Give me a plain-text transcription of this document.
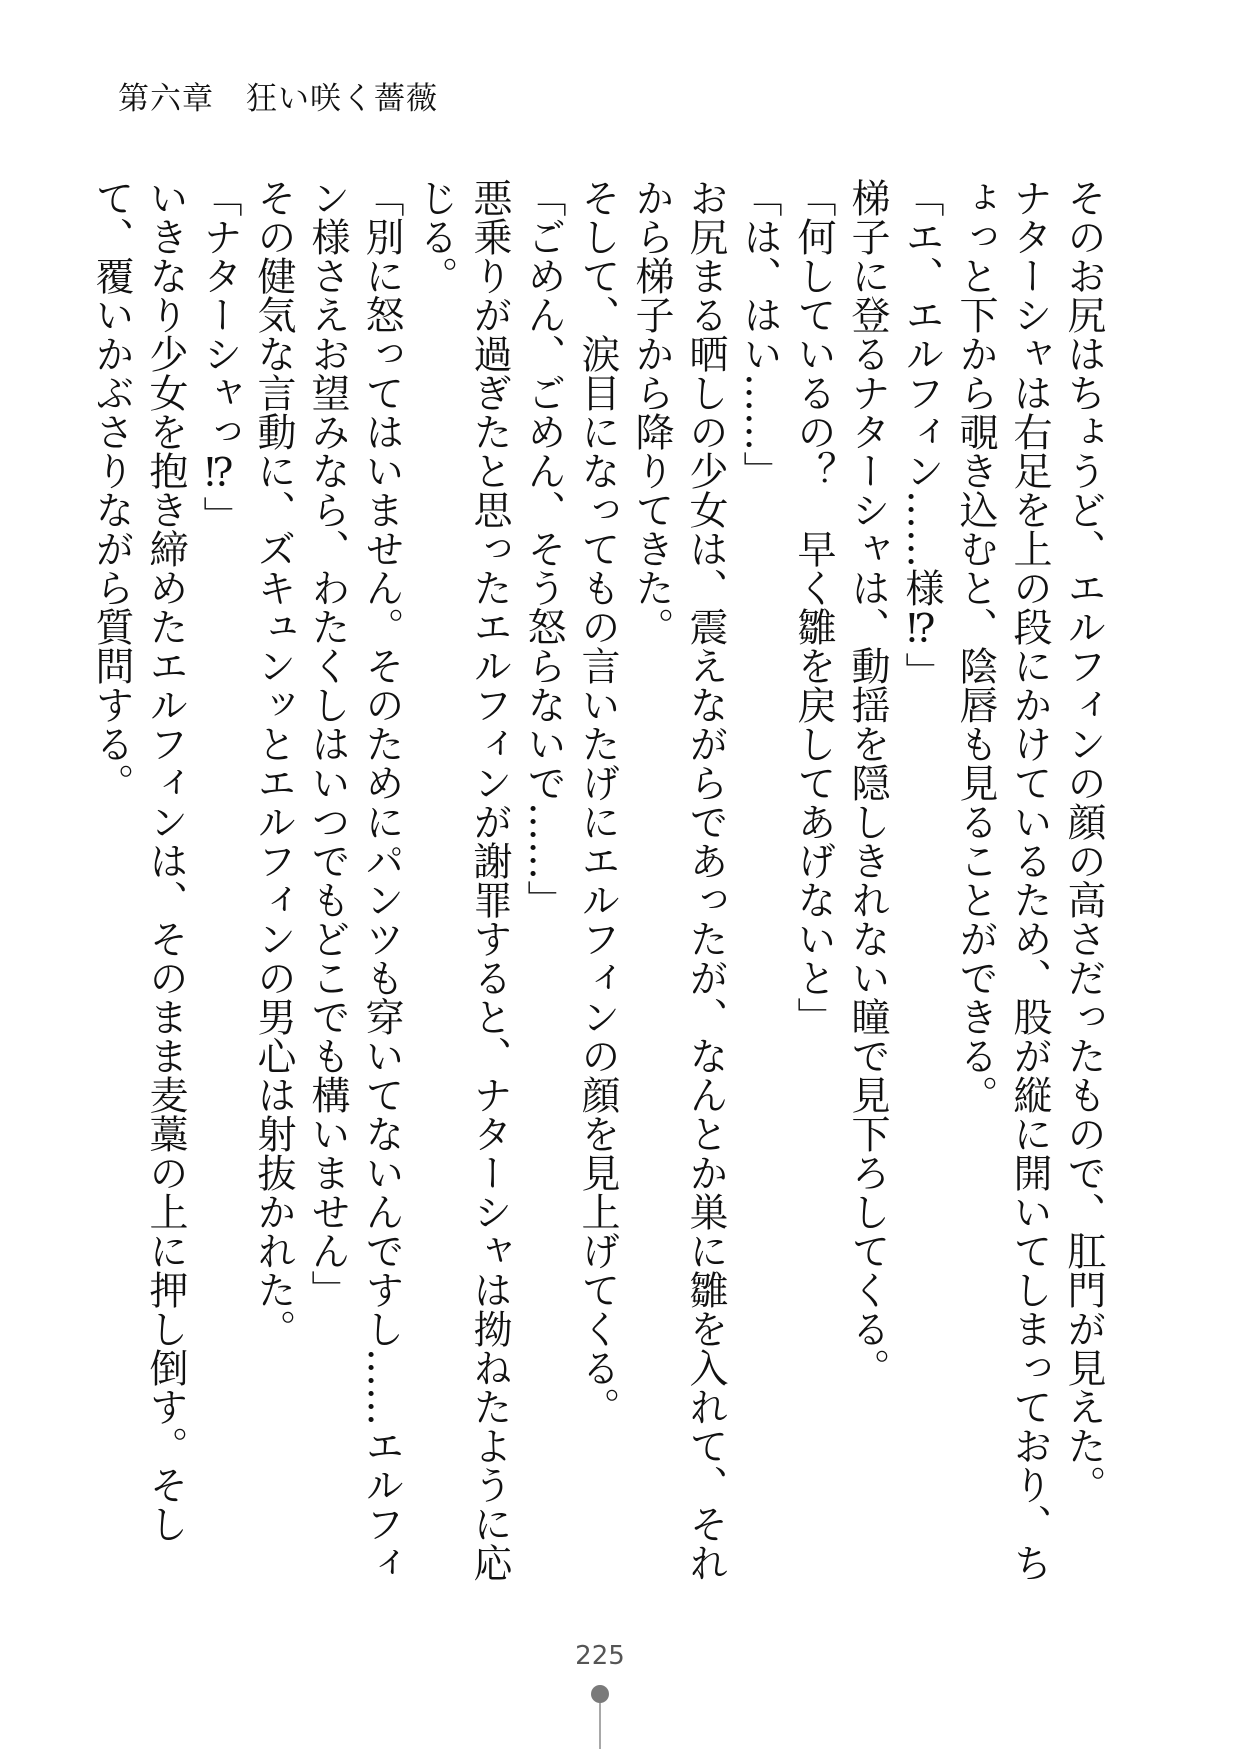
第六章　狂い咲く薔薇

そのお尻はちょうど、エルフィンの顔の高さだったもので、肛門が見えた。

ナターシャは右足を上の段にかけているため、股が縦に開いてしまっており、ちょっと下から覗き込むと、陰唇も見ることができる。

「エ、エルフィン……様⁉」

梯子に登るナターシャは、動揺を隠しきれない瞳で見下ろしてくる。

「何しているの？　早く雛を戻してあげないと」

「は、はい……」

お尻まる晒しの少女は、震えながらであったが、なんとか巣に雛を入れて、それから梯子から降りてきた。

そして、涙目になってもの言いたげにエルフィンの顔を見上げてくる。

「ごめん、ごめん、そう怒らないで……」

悪乗りが過ぎたと思ったエルフィンが謝罪すると、ナターシャは拗ねたように応じる。

「別に怒ってはいません。そのためにパンツも穿いてないんですし……エルフィン様さえお望みなら、わたくしはいつでもどこでも構いません」

その健気な言動に、ズキュンッとエルフィンの男心は射抜かれた。

「ナターシャっ⁉」

いきなり少女を抱き締めたエルフィンは、そのまま麦藁の上に押し倒す。そして、覆いかぶさりながら質問する。

225
